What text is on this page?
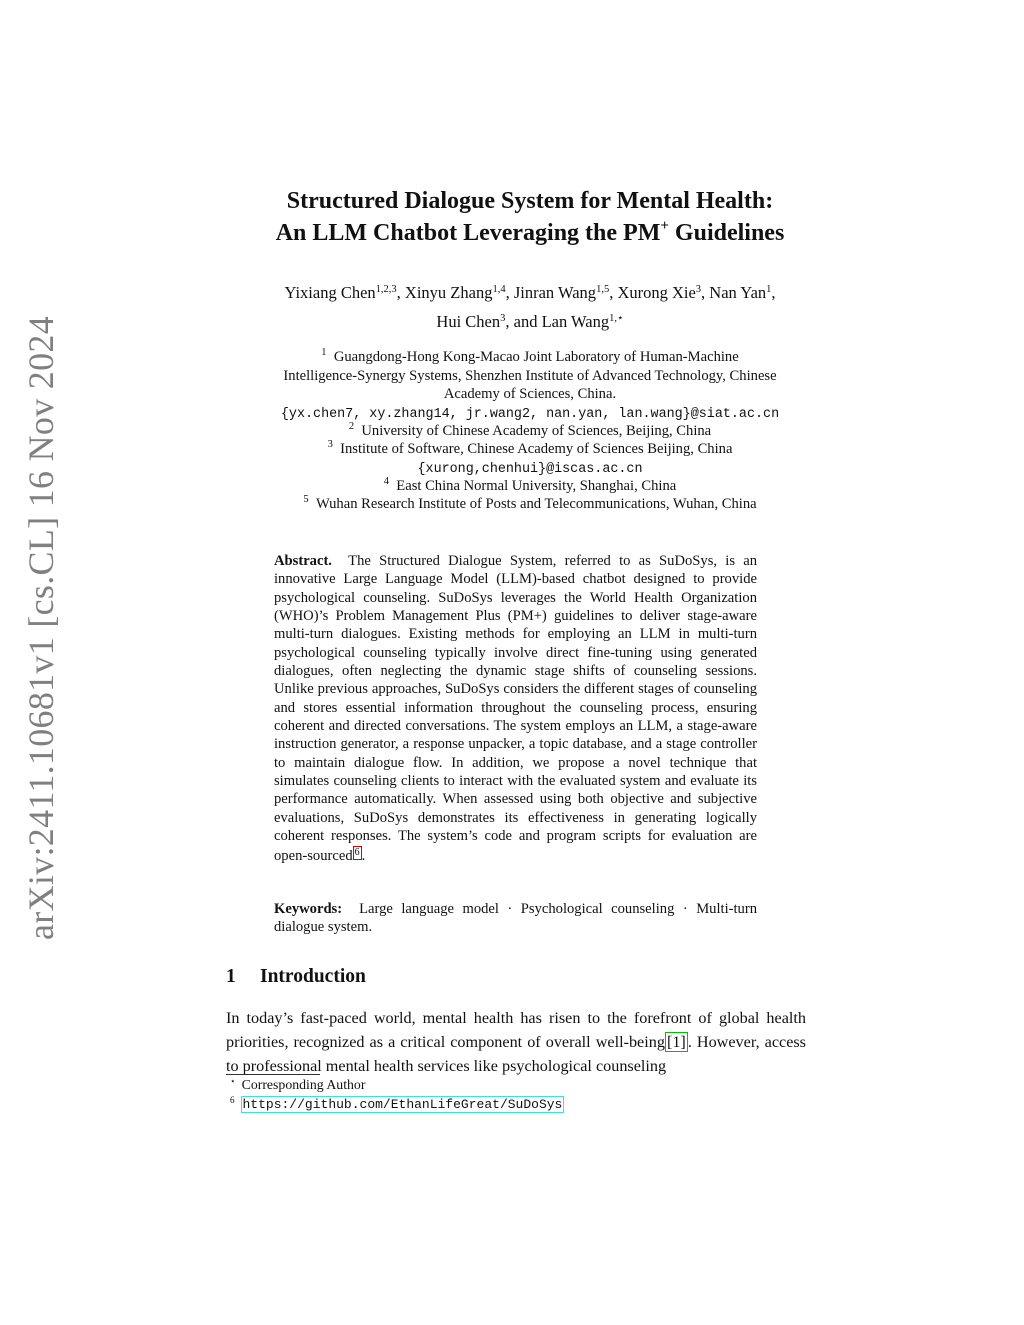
arXiv:2411.10681v1 [cs.CL] 16 Nov 2024
Structured Dialogue System for Mental Health:
An LLM Chatbot Leveraging the PM+ Guidelines
Yixiang Chen$^{1,2,3}$, Xinyu Zhang$^{1,4}$, Jinran Wang$^{1,5}$, Xurong Xie$^3$, Nan Yan$^1$,
Hui Chen$^3$, and Lan Wang$^{1,⋆}$
$^1$ Guangdong-Hong Kong-Macao Joint Laboratory of Human-Machine
Intelligence-Synergy Systems, Shenzhen Institute of Advanced Technology, Chinese
Academy of Sciences, China.
{yx.chen7, xy.zhang14, jr.wang2, nan.yan, lan.wang}@siat.ac.cn
$^2$ University of Chinese Academy of Sciences, Beijing, China
$^3$ Institute of Software, Chinese Academy of Sciences Beijing, China
{xurong,chenhui}@iscas.ac.cn
$^4$ East China Normal University, Shanghai, China
$^5$ Wuhan Research Institute of Posts and Telecommunications, Wuhan, China
Abstract. The Structured Dialogue System, referred to as SuDoSys, is an innovative Large Language Model (LLM)-based chatbot designed to provide psychological counseling. SuDoSys leverages the World Health Organization (WHO)’s Problem Management Plus (PM+) guidelines to deliver stage-aware multi-turn dialogues. Existing methods for employing an LLM in multi-turn psychological counseling typically involve direct fine-tuning using generated dialogues, often neglecting the dynamic stage shifts of counseling sessions. Unlike previous approaches, SuDoSys considers the different stages of counseling and stores essential information throughout the counseling process, ensuring coherent and directed conversations. The system employs an LLM, a stage-aware instruction generator, a response unpacker, a topic database, and a stage controller to maintain dialogue flow. In addition, we propose a novel technique that simulates counseling clients to interact with the evaluated system and evaluate its performance automatically. When assessed using both objective and subjective evaluations, SuDoSys demonstrates its effectiveness in generating logically coherent responses. The system’s code and program scripts for evaluation are open-sourced 6 .
Keywords: Large language model · Psychological counseling · Multi-turn dialogue system.
1 Introduction
In today’s fast-paced world, mental health has risen to the forefront of global health priorities, recognized as a critical component of overall well-being [1] . However, access to professional mental health services like psychological counseling
⋆ Corresponding Author
$^6$ https://github.com/EthanLifeGreat/SuDoSys
